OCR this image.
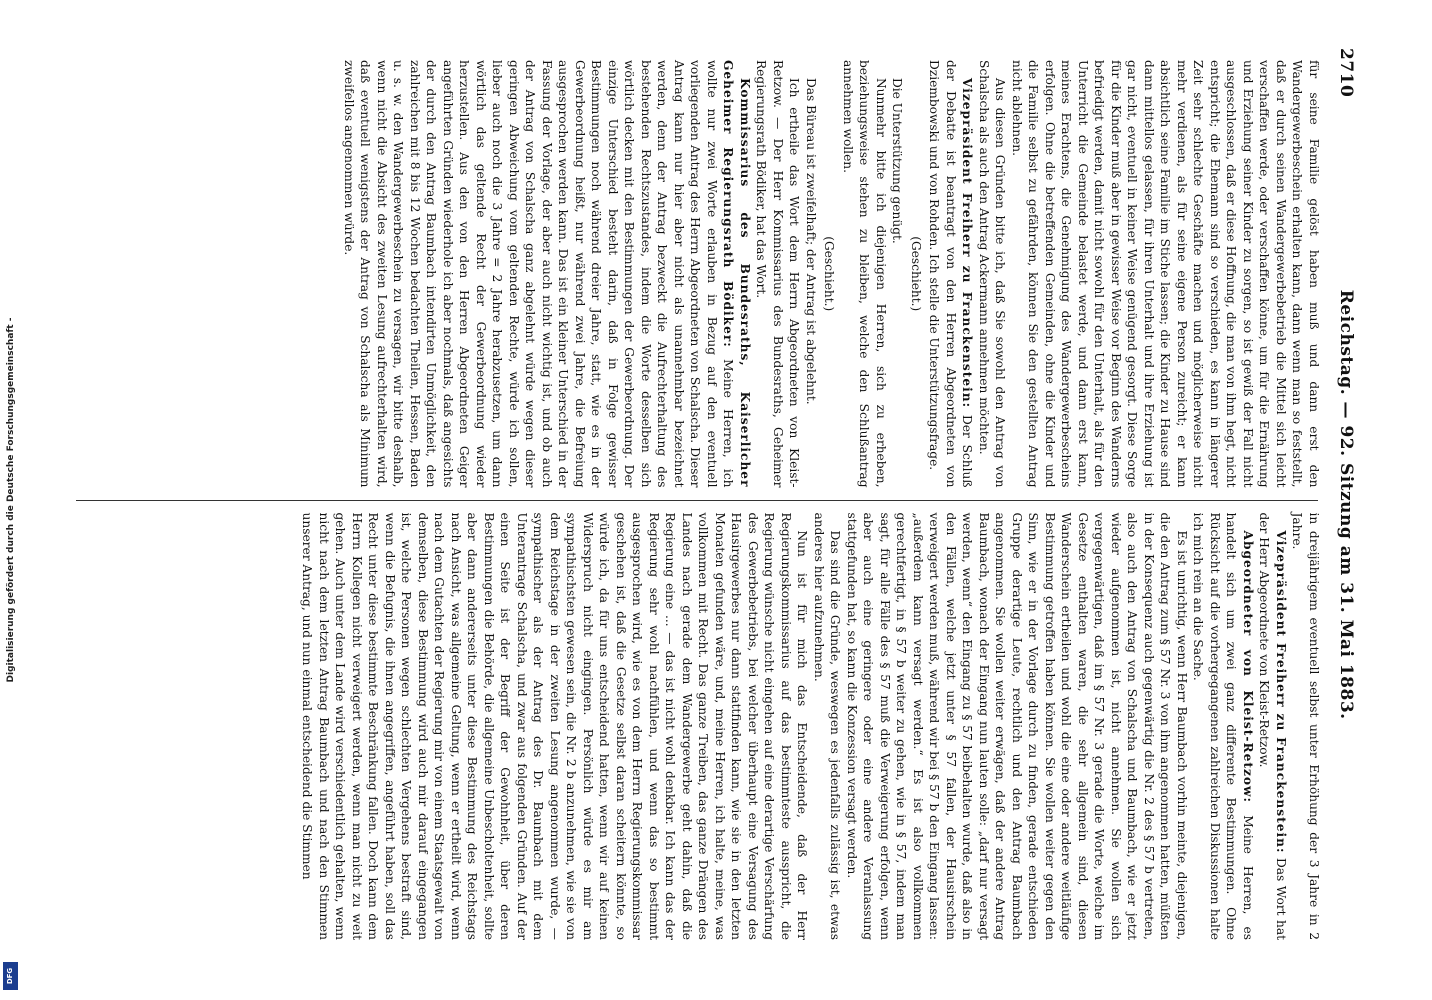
Digitalisierung gefördert durch die Deutsche Forschungsgemeinschaft -
DFG
2710
Reichstag. — 92. Sitzung am 31. Mai 1883.

für seine Familie gelöst haben muß und dann erst den Wandergewerbeschein erhalten kann, dann wenn man so feststellt, daß er durch seinen Wandergewerbebetrieb die Mittel sich leicht verschaffen werde, oder verschaffen könne, um für die Ernährung und Erziehung seiner Kinder zu sorgen, so ist gewiß der Fall nicht ausgeschlossen, daß er diese Hoffnung, die man von ihm hegt, nicht entspricht; die Ehemann sind so verschieden, es kann in längerer Zeit sehr schlechte Geschäfte machen und möglicherweise nicht mehr verdienen, als für seine eigene Person zureicht; er kann absichtlich seine Familie im Stiche lassen; die Kinder zu Hause sind dann mittellos gelassen, für ihren Unterhalt und ihre Erziehung ist gar nicht, eventuell in keiner Weise genügend gesorgt. Diese Sorge für die Kinder muß aber in gewisser Weise vor Beginn des Wanderns befriedigt werden, damit nicht sowohl für den Unterhalt, als für den Unterricht die Gemeinde belastet werde, und dann erst kann, meines Erachtens, die Genehmigung des Wandergewerbescheins erfolgen. Ohne die betreffenden Gemeinden, ohne die Kinder und die Familie selbst zu gefährden, können Sie den gestellten Antrag nicht ablehnen.

Aus diesen Gründen bitte ich, daß Sie sowohl den Antrag von Schalscha als auch den Antrag Ackermann annehmen möchten.

Vizepräsident Freiherr zu Franckenstein: Der Schluß der Debatte ist beantragt von den Herren Abgeordneten von Dziembowski und von Rohden. Ich stelle die Unterstützungsfrage.

(Geschieht.)

Die Unterstützung genügt.

Nunmehr bitte ich diejenigen Herren, sich zu erheben, beziehungsweise stehen zu bleiben, welche den Schlußantrag annehmen wollen.

(Geschieht.)

Das Büreau ist zweifelhaft; der Antrag ist abgelehnt.

Ich ertheile das Wort dem Herrn Abgeordneten von Kleist-Retzow. — Der Herr Kommissarius des Bundesraths, Geheimer Regierungsrath Bödiker, hat das Wort.

Kommissarius des Bundesraths, Kaiserlicher Geheimer Regierungsrath Bödiker: Meine Herren, ich wollte nur zwei Worte erlauben in Bezug auf den eventuell vorliegenden Antrag des Herrn Abgeordneten von Schalscha. Dieser Antrag kann nur hier aber nicht als unannehmbar bezeichnet werden, denn der Antrag bezweckt die Aufrechterhaltung des bestehenden Rechtszustandes, indem die Worte desselben sich wörtlich decken mit den Bestimmungen der Gewerbeordnung. Der einzige Unterschied besteht darin, daß in Folge gewisser Bestimmungen noch während dreier Jahre, statt, wie es in der Gewerbeordnung heißt, nur während zwei Jahre, die Befreiung ausgesprochen werden kann. Das ist ein kleiner Unterschied in der Fassung der Vorlage, der aber auch nicht wichtig ist, und ob auch der Antrag von Schalscha ganz abgelehnt würde wegen dieser geringen Abweichung vom geltenden Rechte, würde ich sollen, lieber auch noch die 3 Jahre = 2 Jahre herabzusetzen, um dann wörtlich das geltende Recht der Gewerbeordnung wieder herzustellen. Aus den von den Herren Abgeordneten Geiger angeführten Gründen wiederhole ich aber nochmals, daß angesichts der durch den Antrag Baumbach intendirten Unmöglichkeit, den zahlreichen mit 8 bis 12 Wochen bedachten Theilen, Hessen, Baden u. s. w. den Wandergewerbeschein zu versagen, wir bitte deshalb, wenn nicht die Absicht des zweiten Lesung aufrechterhalten wird, daß eventuell wenigstens der Antrag von Schalscha als Minimum zweifellos angenommen würde.

in dreijährigem eventuell selbst unter Erhöhung der 3 Jahre in 2 Jahre.

Vizepräsident Freiherr zu Franckenstein: Das Wort hat der Herr Abgeordnete von Kleist-Retzow.

Abgeordneter von Kleist-Retzow: Meine Herren, es handelt sich um zwei ganz differente Bestimmungen. Ohne Rücksicht auf die vorhergegangenen zahlreichen Diskussionen halte ich mich rein an die Sache.

Es ist unrichtig, wenn Herr Baumbach vorhin meinte, diejenigen, die den Antrag zum § 57 Nr. 3 von ihm angenommen hatten, müßten in der Konsequenz auch gegenwärtig die Nr. 2 des § 57 b vertreten, also auch den Antrag von Schalscha und Baumbach, wie er jetzt wieder aufgenommen ist, nicht annehmen. Sie wollen sich vergegenwärtigen, daß im § 57 Nr. 3 gerade die Worte, welche im Gesetze enthalten waren, die sehr allgemein sind, diesen Wanderschein ertheilen und wohl die eine oder andere weitläufige Bestimmung getroffen haben können. Sie wollen weiter gegen den Sinn, wie er in der Vorlage durch zu finden, gerade entschieden Gruppe derartige Leute, rechtlich und den Antrag Baumbach angenommen. Sie wollen weiter erwägen, daß der andere Antrag Baumbach, wonach der Eingang nun lauten solle: „darf nur versagt werden, wenn“ den Eingang zu § 57 beibehalten wurde, daß also in den Fällen, welche jetzt unter § 57 fallen, der Hausirschein verweigert werden muß, während wir bei § 57 b den Eingang lassen: „außerdem kann versagt werden.“ Es ist also vollkommen gerechtfertigt, in § 57 b weiter zu gehen, wie in § 57, indem man sagt, für alle Fälle des § 57 muß die Verweigerung erfolgen, wenn aber auch eine geringere oder eine andere Veranlassung stattgefunden hat, so kann die Konzession versagt werden.

Das sind die Gründe, weswegen es jedenfalls zulässig ist, etwas anderes hier aufzunehmen.

Nun ist für mich das Entscheidende, daß der Herr Regierungskommissarius auf das bestimmteste ausspricht, die Regierung wünsche nicht eingehen auf eine derartige Verschärfung des Gewerbebetriebs, bei welcher überhaupt eine Versagung des Hausirgewerbes nur dann stattfinden kann, wie sie in den letzten Monaten gefunden wäre, und, meine Herren, ich halte, meine, was vollkommen mit Recht. Das ganze Treiben, das ganze Drängen des Landes nach gerade dem Wandergewerbe geht dahin, daß die Regierung eine ... — das ist nicht wohl denkbar. Ich kann das der Regierung sehr wohl nachfühlen, und wenn das so bestimmt ausgesprochen wird, wie es von dem Herrn Regierungskommissar geschehen ist, daß die Gesetze selbst daran scheitern könnte, so würde ich, da für uns entscheidend hatten, wenn wir auf keinen Widerspruch nicht eingingen. Persönlich würde es mir am sympathischsten gewesen sein, die Nr. 2 b anzunehmen, wie sie von dem Reichstage in der zweiten Lesung angenommen wurde, — sympathischer als der Antrag des Dr. Baumbach mit dem Unterantrage Schalscha, und zwar aus folgenden Gründen. Auf der einen Seite ist der Begriff der Gewohnheit, über deren Bestimmungen die Behörde, die allgemeine Unbescholtenheit, sollte aber dann andererseits unter diese Bestimmung des Reichstags nach Ansicht, was allgemeine Geltung, wenn er ertheilt wird, wenn nach dem Gutachten der Regierung mir von einem Staatsgewalt von demselben, diese Bestimmung wird auch mir darauf eingegangen ist, welche Personen wegen schlechten Vergehens bestraft sind, wenn die Befugnis, die ihnen angegriffen, angeführt haben, soll das Recht unter diese bestimmte Beschränkung fallen. Doch kann dem Herrn Kollegen nicht verweigert werden, wenn man nicht zu weit gehen. Auch unter dem Lande wird verschiedentlich gehalten, wenn nicht nach dem letzten Antrag Baumbach und nach den Stimmen unserer Antrag, und nun einmal entscheidend die Stimmen
